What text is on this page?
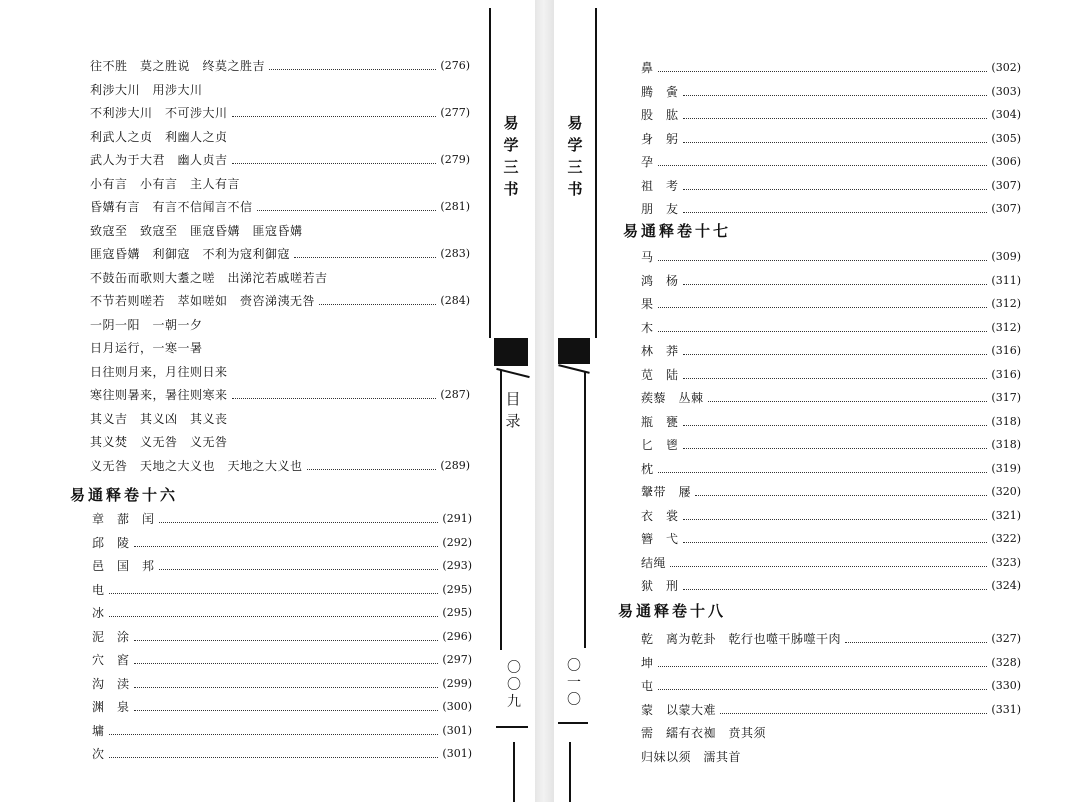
往不胜　莫之胜说　终莫之胜吉	(276)
利涉大川　用涉大川
不利涉大川　不可涉大川	(277)
利武人之贞　利幽人之贞
武人为于大君　幽人贞吉	(279)
小有言　小有言　主人有言
昏媾有言　有言不信闻言不信	(281)
致寇至　致寇至　匪寇昏媾　匪寇昏媾
匪寇昏媾　利御寇　不利为寇利御寇	(283)
不鼓缶而歌则大耋之嗟　出涕沱若戚嗟若吉
不节若则嗟若　萃如嗟如　赍咨涕洟无咎	(284)
一阴一阳　一朝一夕
日月运行，一寒一暑
日往则月来，月往则日来
寒往则暑来，暑往则寒来	(287)
其义吉　其义凶　其义丧
其义焚　义无咎　义无咎
义无咎　天地之大义也　天地之大义也	(289)
易通释卷十六
章　蔀　闰	(291)
邱　陵	(292)
邑　国　邦	(293)
电	(295)
冰	(295)
泥　涂	(296)
穴　窞	(297)
沟　渎	(299)
渊　泉	(300)
墉	(301)
次	(301)
易学三书
目录
〇〇九
鼻	(302)
腾　夤	(303)
股　肱	(304)
身　躬	(305)
孕	(306)
祖　考	(307)
朋　友	(307)
易通释卷十七
马	(309)
鸿　杨	(311)
果	(312)
木	(312)
林　莽	(316)
苋　陆	(316)
蒺藜　丛棘	(317)
瓶　甕	(318)
匕　鬯	(318)
枕	(319)
鞶带　屦	(320)
衣　裳	(321)
簪　弋	(322)
结绳	(323)
狱　刑	(324)
易通释卷十八
乾　离为乾卦　乾行也噬干胏噬干肉	(327)
坤	(328)
屯	(330)
蒙　以蒙大难	(331)
需　繻有衣袽　贲其须
归妹以须　濡其首
易学三书
〇一〇
